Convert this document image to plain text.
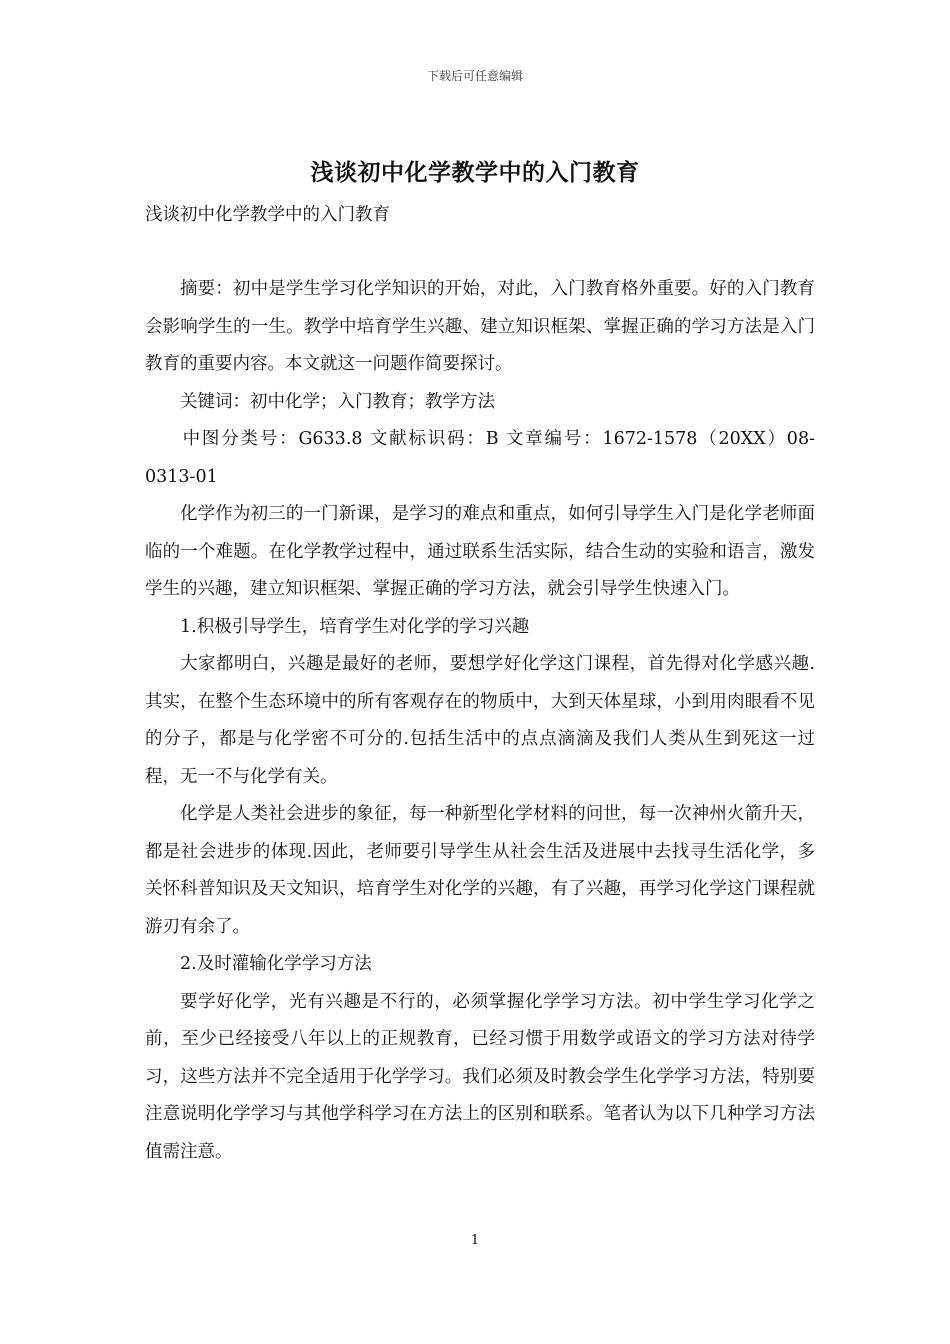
下载后可任意编辑
浅谈初中化学教学中的入门教育
浅谈初中化学教学中的入门教育

摘要：初中是学生学习化学知识的开始，对此，入门教育格外重要。好的入门教育会影响学生的一生。教学中培育学生兴趣、建立知识框架、掌握正确的学习方法是入门教育的重要内容。本文就这一问题作简要探讨。

关键词：初中化学；入门教育；教学方法

中图分类号：G633.8 文献标识码：B 文章编号：1672-1578（20XX）08-0313-01

化学作为初三的一门新课，是学习的难点和重点，如何引导学生入门是化学老师面临的一个难题。在化学教学过程中，通过联系生活实际，结合生动的实验和语言，激发学生的兴趣，建立知识框架、掌握正确的学习方法，就会引导学生快速入门。

1.积极引导学生，培育学生对化学的学习兴趣

大家都明白，兴趣是最好的老师，要想学好化学这门课程，首先得对化学感兴趣.其实，在整个生态环境中的所有客观存在的物质中，大到天体星球，小到用肉眼看不见的分子，都是与化学密不可分的.包括生活中的点点滴滴及我们人类从生到死这一过程，无一不与化学有关。

化学是人类社会进步的象征，每一种新型化学材料的问世，每一次神州火箭升天，都是社会进步的体现.因此，老师要引导学生从社会生活及进展中去找寻生活化学，多关怀科普知识及天文知识，培育学生对化学的兴趣，有了兴趣，再学习化学这门课程就游刃有余了。

2.及时灌输化学学习方法

要学好化学，光有兴趣是不行的，必须掌握化学学习方法。初中学生学习化学之前，至少已经接受八年以上的正规教育，已经习惯于用数学或语文的学习方法对待学习，这些方法并不完全适用于化学学习。我们必须及时教会学生化学学习方法，特别要注意说明化学学习与其他学科学习在方法上的区别和联系。笔者认为以下几种学习方法值需注意。

1
